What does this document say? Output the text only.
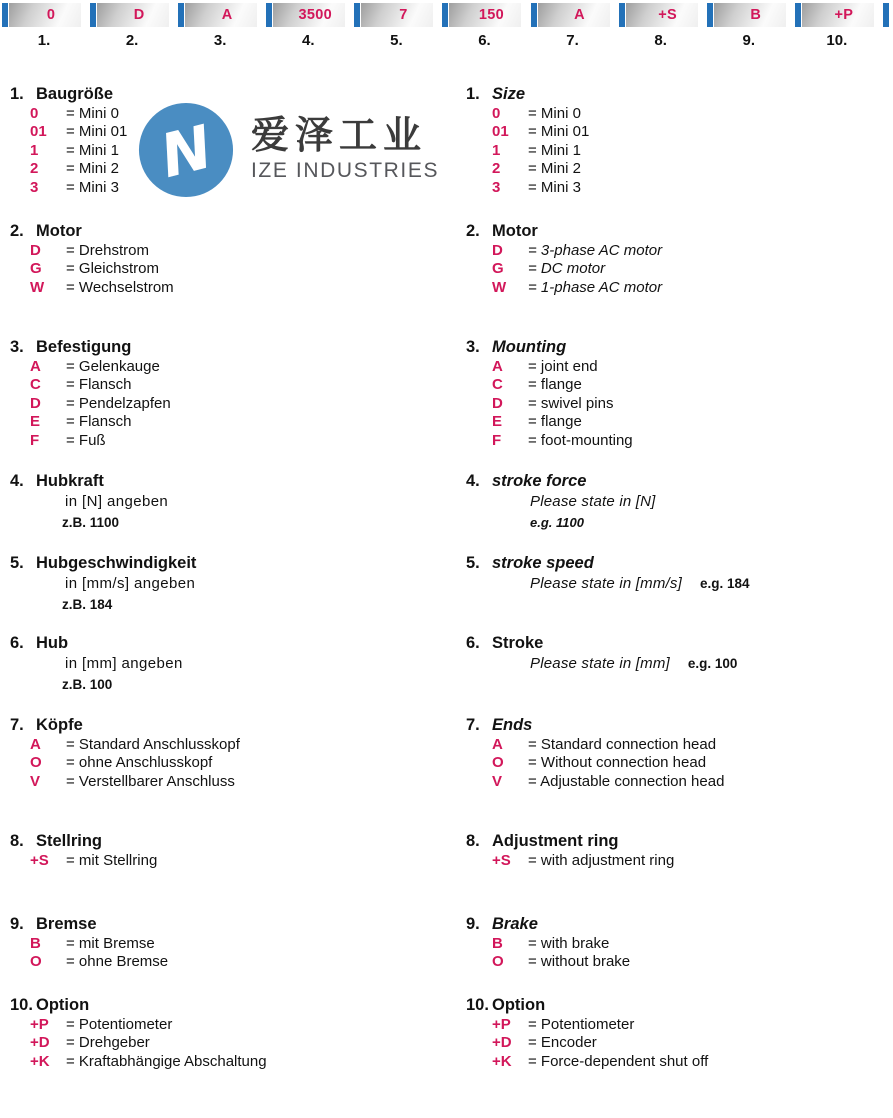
0
1.
D
2.
A
3.
3500
4.
7
5.
150
6.
A
7.
+S
8.
B
9.
+P
10.
N 爱泽工业
IZE INDUSTRIES
1. Baugröße
0	= Mini 0
01	= Mini 01
1	= Mini 1
2	= Mini 2
3	= Mini 3
2. Motor
D	= Drehstrom
G	= Gleichstrom
W	= Wechselstrom
3. Befestigung
A	= Gelenkauge
C	= Flansch
D	= Pendelzapfen
E	= Flansch
F	= Fuß
4. Hubkraft
in [N] angeben
z.B. 1100
5. Hubgeschwindigkeit
in [mm/s] angeben
z.B. 184
6. Hub
in [mm] angeben
z.B. 100
7. Köpfe
A	= Standard Anschlusskopf
O	= ohne Anschlusskopf
V	= Verstellbarer Anschluss
8. Stellring
+S	= mit Stellring
9. Bremse
B	= mit Bremse
O	= ohne Bremse
10. Option
+P	= Potentiometer
+D	= Drehgeber
+K	= Kraftabhängige Abschaltung
1. Size
0	= Mini 0
01	= Mini 01
1	= Mini 1
2	= Mini 2
3	= Mini 3
2. Motor
D	= 3-phase AC motor
G	= DC motor
W	= 1-phase AC motor
3. Mounting
A	= joint end
C	= flange
D	= swivel pins
E	= flange
F	= foot-mounting
4. stroke force
Please state in [N]
e.g. 1100
5. stroke speed
Please state in [mm/s] e.g. 184
6. Stroke
Please state in [mm] e.g. 100
7. Ends
A	= Standard connection head
O	= Without connection head
V	= Adjustable connection head
8. Adjustment ring
+S	= with adjustment ring
9. Brake
B	= with brake
O	= without brake
10. Option
+P	= Potentiometer
+D	= Encoder
+K	= Force-dependent shut off
